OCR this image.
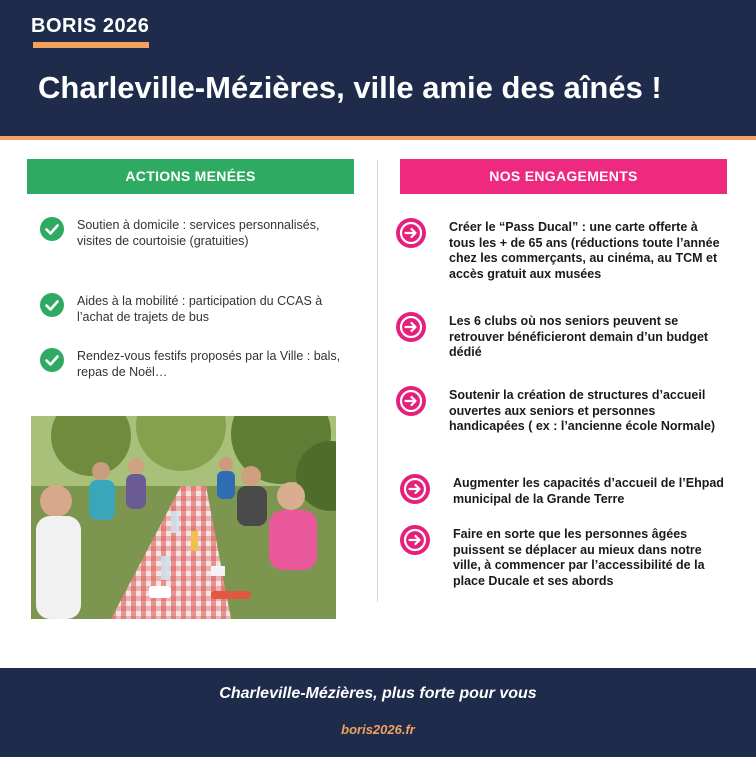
BORIS 2026
Charleville-Mézières, ville amie des aînés !
ACTIONS MENÉES
Soutien à domicile : services personnalisés, visites de courtoisie (gratuities)
Aides à la mobilité : participation du CCAS à l’achat de trajets de bus
Rendez-vous festifs proposés par la Ville : bals, repas de Noël…
NOS ENGAGEMENTS
Créer le “Pass Ducal” : une carte offerte à tous les + de 65 ans (réductions toute l’année chez les commerçants, au cinéma, au TCM et accès gratuit aux musées
Les 6 clubs où nos seniors peuvent se retrouver bénéficieront demain d’un budget dédié
Soutenir la création de structures d’accueil ouvertes aux seniors et personnes handicapées ( ex : l’ancienne école Normale)
Augmenter les capacités d’accueil de l’Ehpad municipal de la Grande Terre
Faire en sorte que les personnes âgées puissent se déplacer au mieux dans notre ville, à commencer par l’accessibilité de la place Ducale et ses abords
Charleville-Mézières, plus forte pour vous
boris2026.fr
